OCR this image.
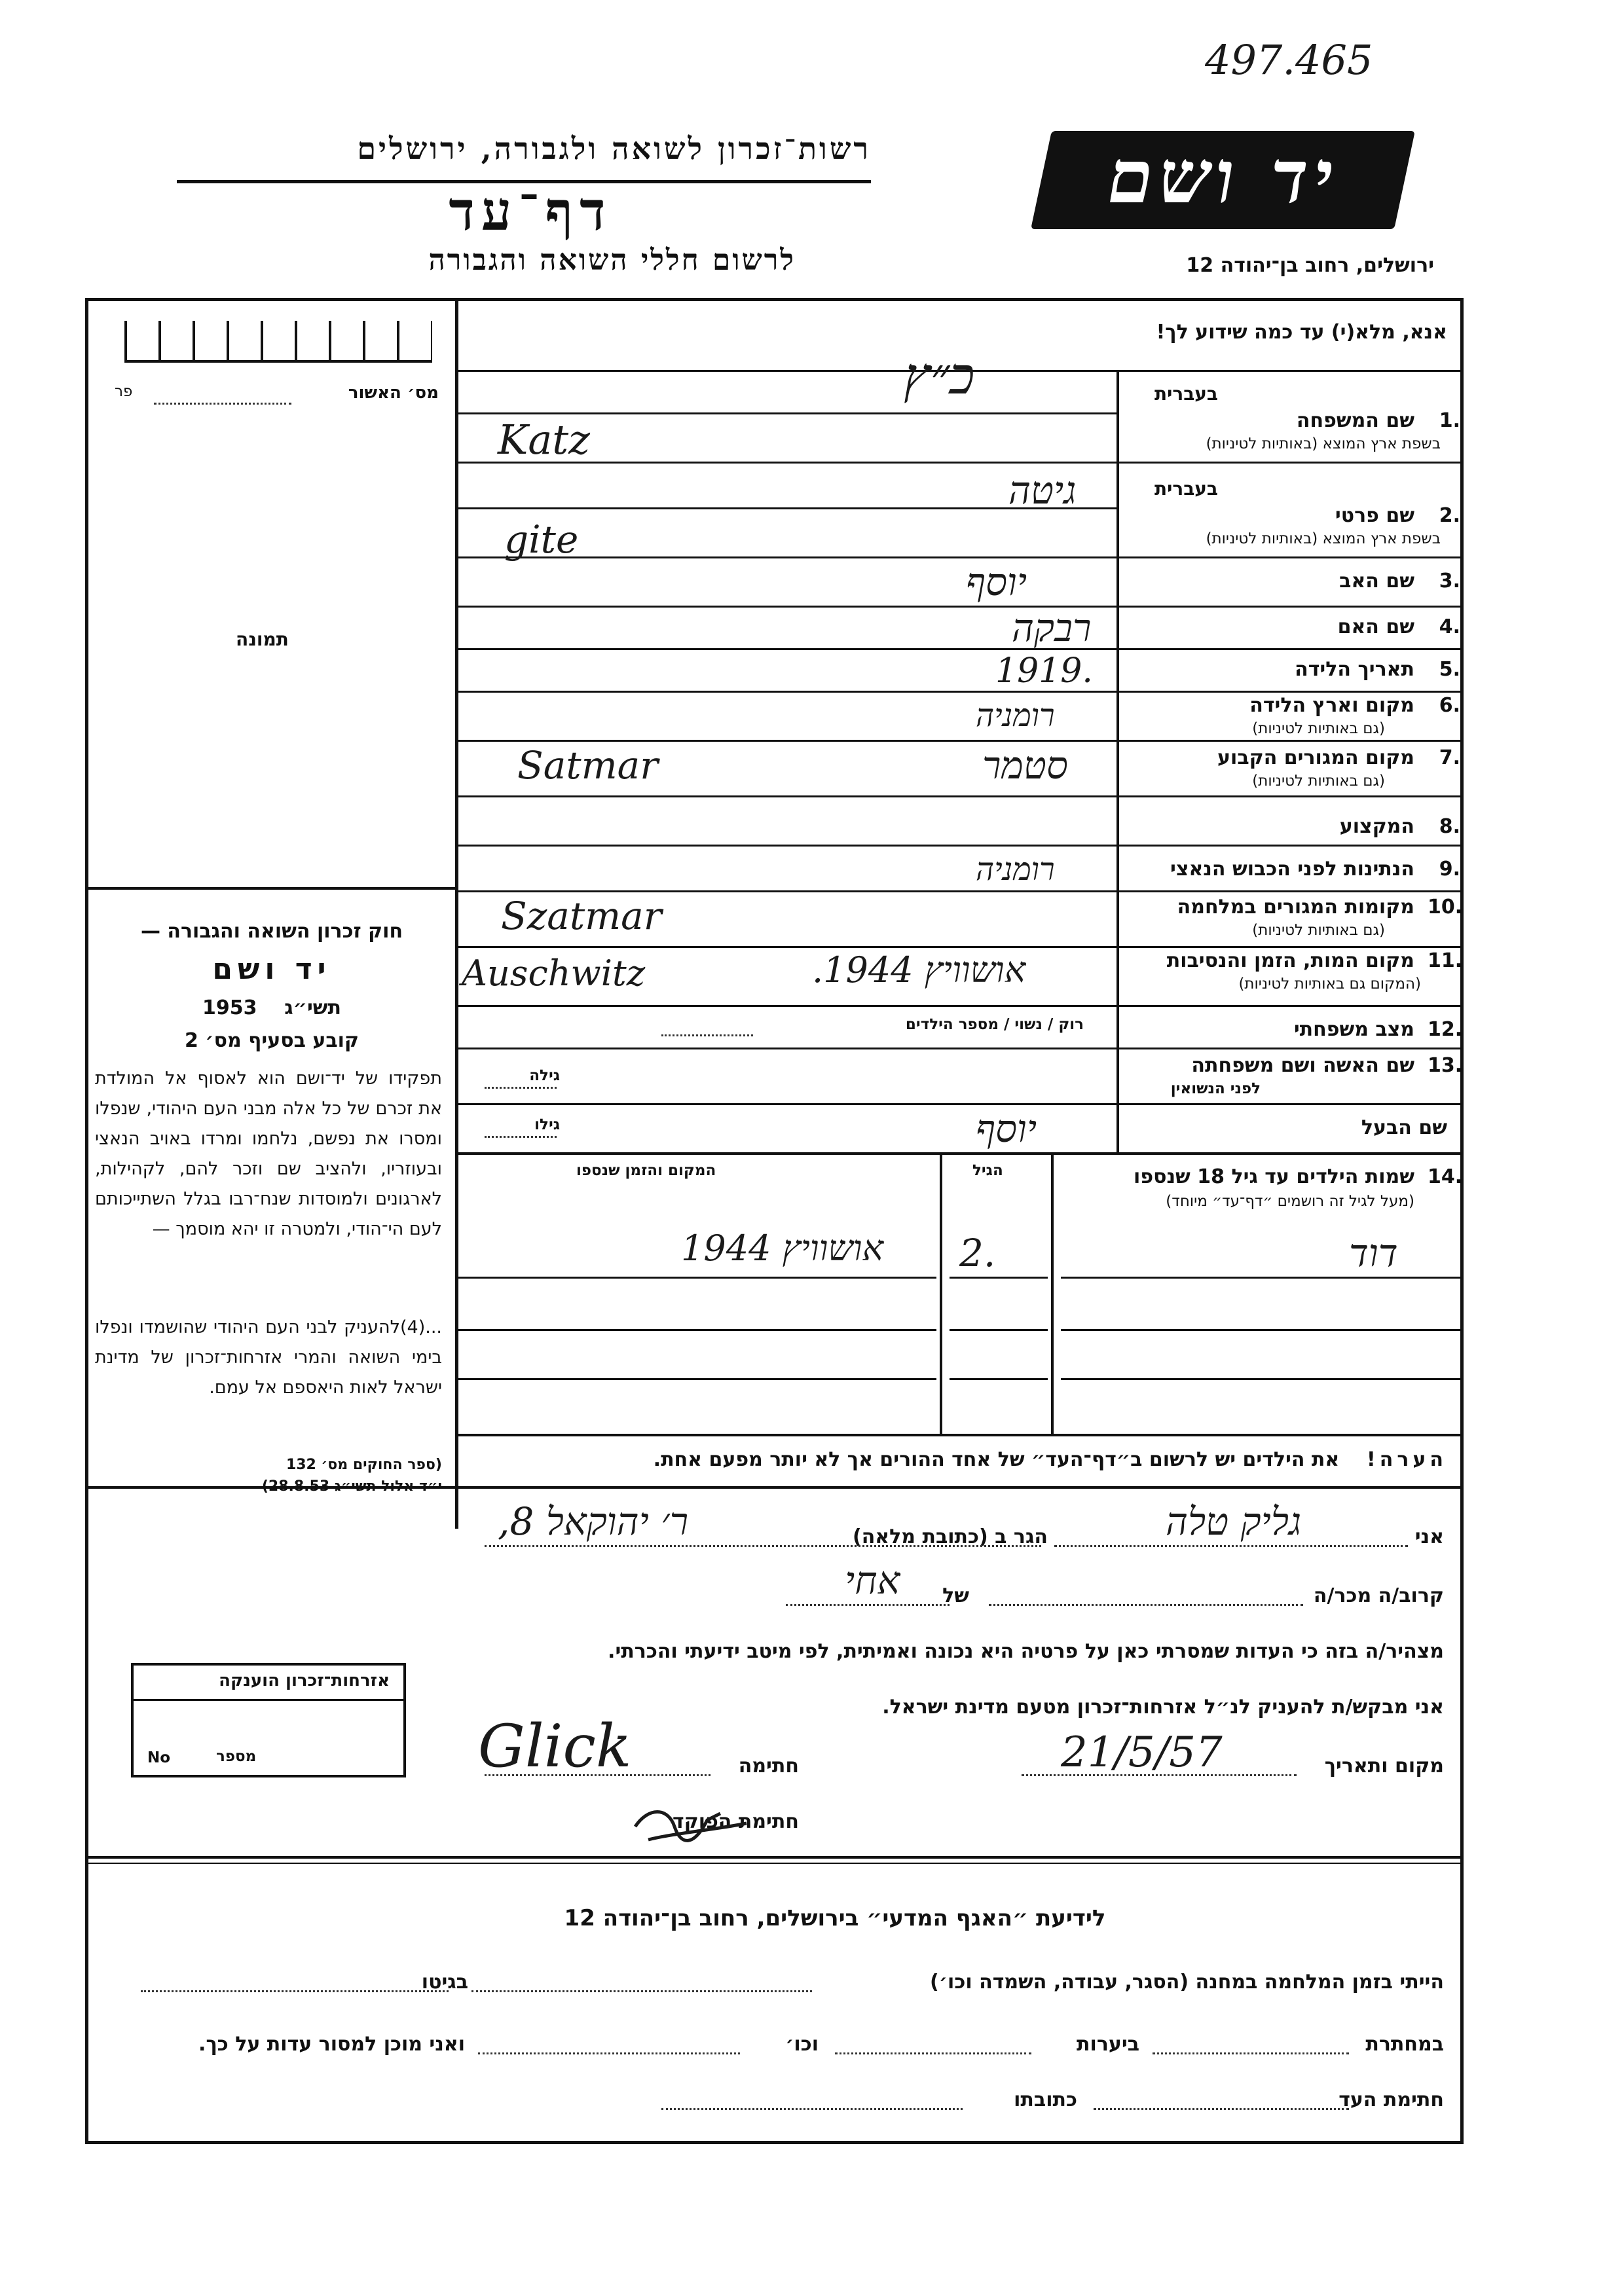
497.465
רשות־זכרון לשואה ולגבורה, ירושלים
דף־עד
לרשום חללי השואה והגבורה
יד ושם
ירושלים, רחוב בן־יהודה 12
מס׳ האשור
פר
תמונה
חוק זכרון השואה והגבורה —
יד ושם
תשי״ג    1953
קובע בסעיף מס׳ 2
תפקידו של יד־ושם הוא לאסוף אל המולדת את זכרם של כל אלה מבני העם היהודי, שנפלו ומסרו את נפשם, נלחמו ומרדו באויב הנאצי ובעוזריו, ולהציב שם וזכר להם, לקהילות, לארגונים ולמוסדות שנח־רבו בגלל השתייכותם לעם הי־הודי, ולמטרה זו יהא מוסמך —
...(4)להעניק לבני העם היהודי שהושמדו ונפלו בימי השואה והמרי אזרחות־זכרון של מדינת ישראל לאות היאספם אל עמם.
(ספר החוקים מס׳ 132
גילה
גילו
אנא, מלא(י) עד כמה שידוע לך!
בעברית
1.
שם המשפחה
בשפת ארץ המוצא (באותיות לטיניות)
כ״ץ
Katz
בעברית
2.
שם פרטי
בשפת ארץ המוצא (באותיות לטיניות)
גיטה
gite
3.
שם האב
יוסף
4.
שם האם
רבקה
5.
תאריך הלידה
1919.
6.
מקום וארץ הלידה
(גם באותיות לטיניות)
רומניה
7.
מקום המגורים הקבוע
(גם באותיות לטיניות)
סטמר
Satmar
8.
המקצוע
9.
הנתינות לפני הכבוש הנאצי
רומניה
10.
מקומות המגורים במלחמה
(גם באותיות לטיניות)
Szatmar
11.
מקום המות, הזמן והנסיבות
(המקום גם באותיות לטיניות)
Auschwitz	אושוויץ 1944.
12.
מצב משפחתי
רוק / נשוי / מספר הילדים
13.
שם האשה ושם משפחתה
לפני הנשואין
שם הבעל
יוסף
14.
שמות הילדים עד גיל 18 שנספו
(מעל לגיל זה רושמים ״דף־עד״ מיוחד)
הגיל
המקום והזמן שנספו
דוד
2.
אושוויץ 1944
הערה!    את הילדים יש לרשום ב״דף־העד״ של אחד ההורים אך לא יותר מפעם אחת.
אני
גליק טלה
הגר ב (כתובת מלאה)
ר׳ יהוקאל 8,
קרוב/ה מכר/ה
של
אחי
מצהיר/ה בזה כי העדות שמסרתי כאן על פרטיה היא נכונה ואמיתית, לפי מיטב ידיעתי והכרתי.
אני מבקש/ת להעניק לנ״ל אזרחות־זכרון מטעם מדינת ישראל.
מקום ותאריך
21/5/57
חתימה
Glick
חתימת הפוקד
אזרחות־זכרון הוענקה
מספר
No
לידיעת ״האגף המדעי״ בירושלים, רחוב בן־יהודה 12
הייתי בזמן המלחמה במחנה (הסגר, עבודה, השמדה וכו׳)
בגיטו
במחתרת
ביערות
וכו׳
ואני מוכן למסור עדות על כך.
חתימת העד
כתובתו
